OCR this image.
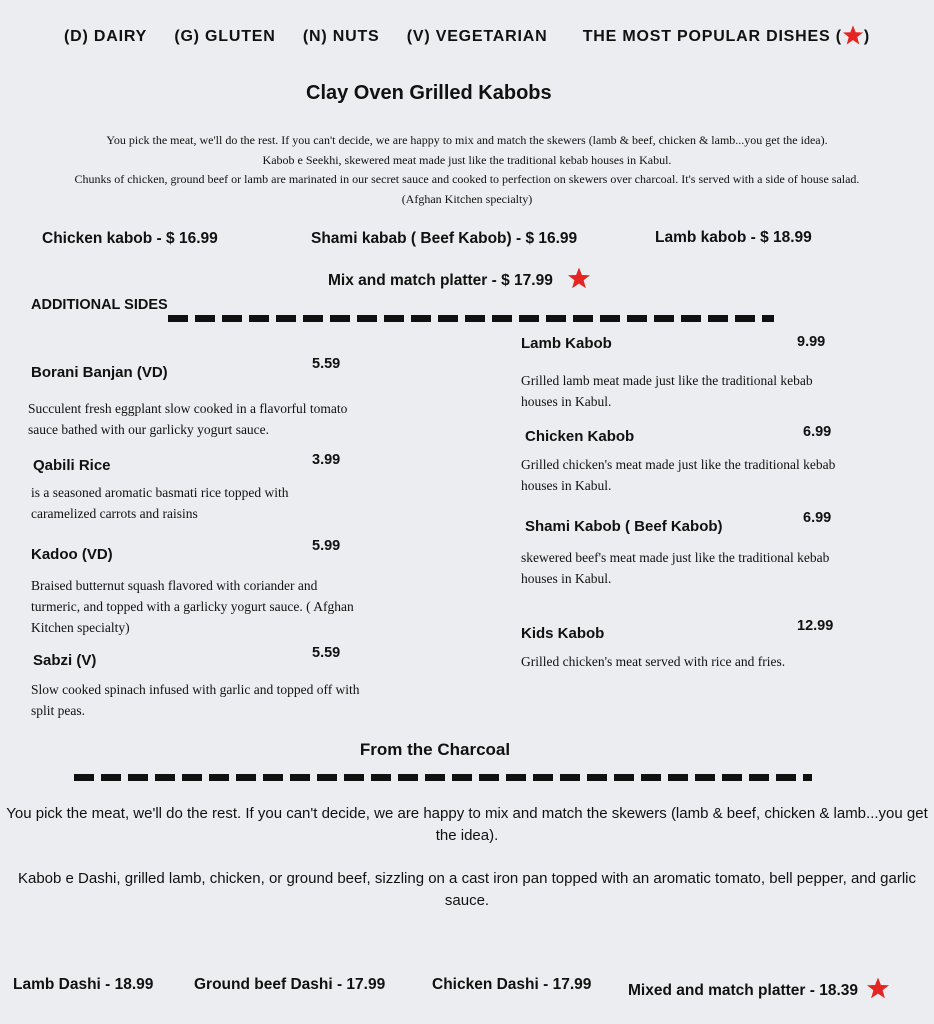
(D) DAIRY (G) GLUTEN (N) NUTS (V) VEGETARIAN THE MOST POPULAR DISHES ( )
Clay Oven Grilled Kabobs
You pick the meat, we'll do the rest. If you can't decide, we are happy to mix and match the skewers (lamb & beef, chicken & lamb...you get the idea).
Kabob e Seekhi, skewered meat made just like the traditional kebab houses in Kabul.
Chunks of chicken, ground beef or lamb are marinated in our secret sauce and cooked to perfection on skewers over charcoal. It's served with a side of house salad.
(Afghan Kitchen specialty)
Chicken kabob - $ 16.99	Shami kabab ( Beef Kabob) - $ 16.99	Lamb kabob - $ 18.99
Mix and match platter - $ 17.99
ADDITIONAL SIDES
Borani Banjan (VD)	5.59
Succulent fresh eggplant slow cooked in a flavorful tomato sauce bathed with our garlicky yogurt sauce.
Qabili Rice	3.99
is a seasoned aromatic basmati rice topped with caramelized carrots and raisins
Kadoo (VD)	5.99
Braised butternut squash flavored with coriander and turmeric, and topped with a garlicky yogurt sauce. ( Afghan Kitchen specialty)
Sabzi (V)	5.59
Slow cooked spinach infused with garlic and topped off with split peas.
Lamb Kabob	9.99
Grilled lamb meat made just like the traditional kebab houses in Kabul.
Chicken Kabob	6.99
Grilled chicken's meat made just like the traditional kebab houses in Kabul.
Shami Kabob ( Beef Kabob)	6.99
skewered beef's meat made just like the traditional kebab houses in Kabul.
Kids Kabob	12.99
Grilled chicken's meat served with rice and fries.
From the Charcoal
You pick the meat, we'll do the rest. If you can't decide, we are happy to mix and match the skewers (lamb & beef, chicken & lamb...you get the idea).
Kabob e Dashi, grilled lamb, chicken, or ground beef, sizzling on a cast iron pan topped with an aromatic tomato, bell pepper, and garlic sauce.
Lamb Dashi - 18.99	Ground beef Dashi - 17.99	Chicken Dashi - 17.99 Mixed and match platter - 18.39
